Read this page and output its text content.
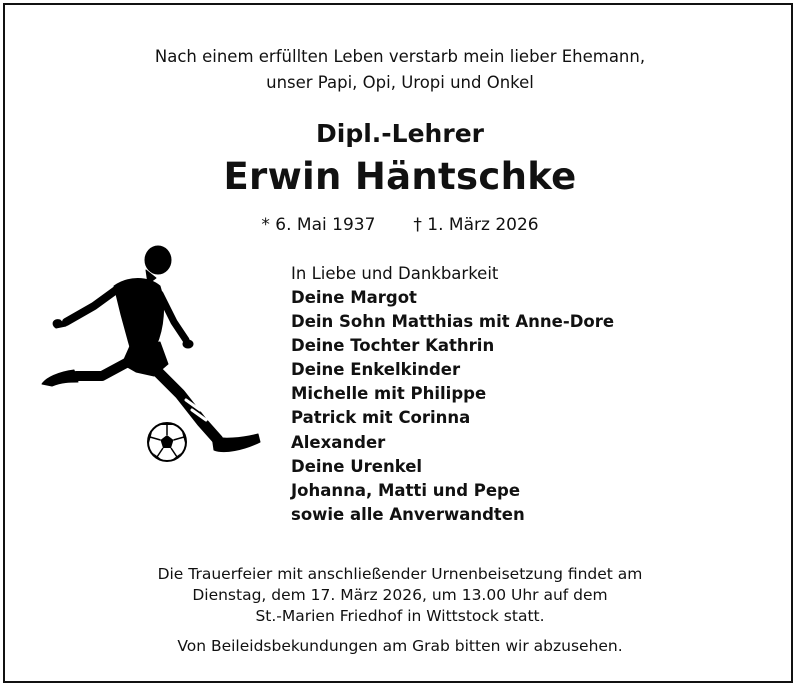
Nach einem erfüllten Leben verstarb mein lieber Ehemann,
unser Papi, Opi, Uropi und Onkel
Dipl.-Lehrer
Erwin Häntschke
* 6. Mai 1937 † 1. März 2026
In Liebe und Dankbarkeit
Deine Margot
Dein Sohn Matthias mit Anne-Dore
Deine Tochter Kathrin
Deine Enkelkinder
Michelle mit Philippe
Patrick mit Corinna
Alexander
Deine Urenkel
Johanna, Matti und Pepe
sowie alle Anverwandten
Die Trauerfeier mit anschließender Urnenbeisetzung findet am
Dienstag, dem 17. März 2026, um 13.00 Uhr auf dem
St.-Marien Friedhof in Wittstock statt.
Von Beileidsbekundungen am Grab bitten wir abzusehen.
